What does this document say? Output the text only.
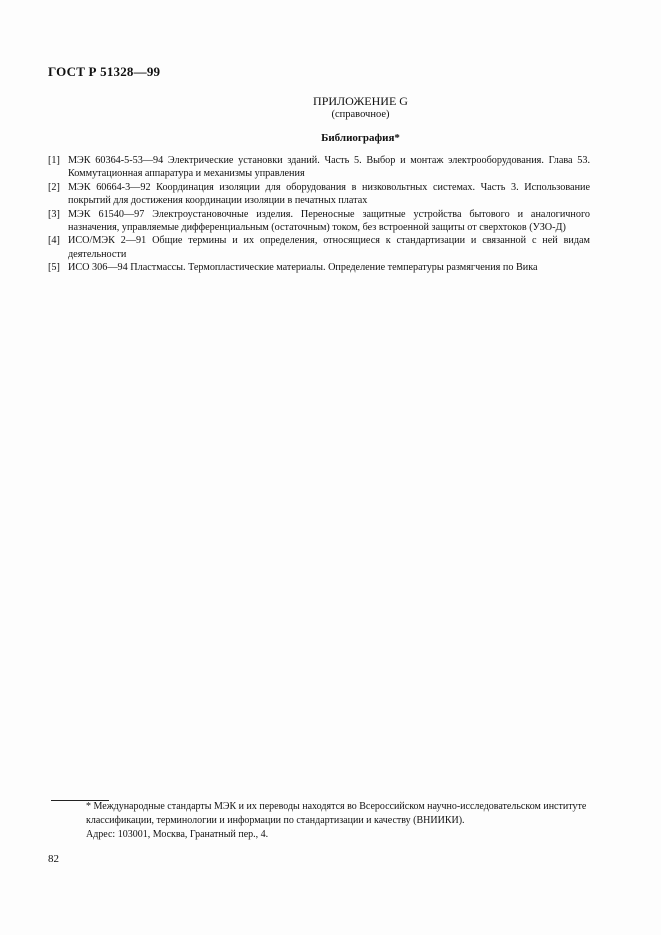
ГОСТ Р 51328—99
ПРИЛОЖЕНИЕ G
(справочное)
Библиография*
[1] МЭК 60364-5-53—94 Электрические установки зданий. Часть 5. Выбор и монтаж электрооборудования. Глава 53. Коммутационная аппаратура и механизмы управления
[2] МЭК 60664-3—92 Координация изоляции для оборудования в низковольтных системах. Часть 3. Использование покрытий для достижения координации изоляции в печатных платах
[3] МЭК 61540—97 Электроустановочные изделия. Переносные защитные устройства бытового и аналогичного назначения, управляемые дифференциальным (остаточным) током, без встроенной защиты от сверхтоков (УЗО-Д)
[4] ИСО/МЭК 2—91 Общие термины и их определения, относящиеся к стандартизации и связанной с ней видам деятельности
[5] ИСО 306—94 Пластмассы. Термопластические материалы. Определение температуры размягчения по Вика
* Международные стандарты МЭК и их переводы находятся во Всероссийском научно-исследовательском институте классификации, терминологии и информации по стандартизации и качеству (ВНИИКИ).
Адрес: 103001, Москва, Гранатный пер., 4.
82
